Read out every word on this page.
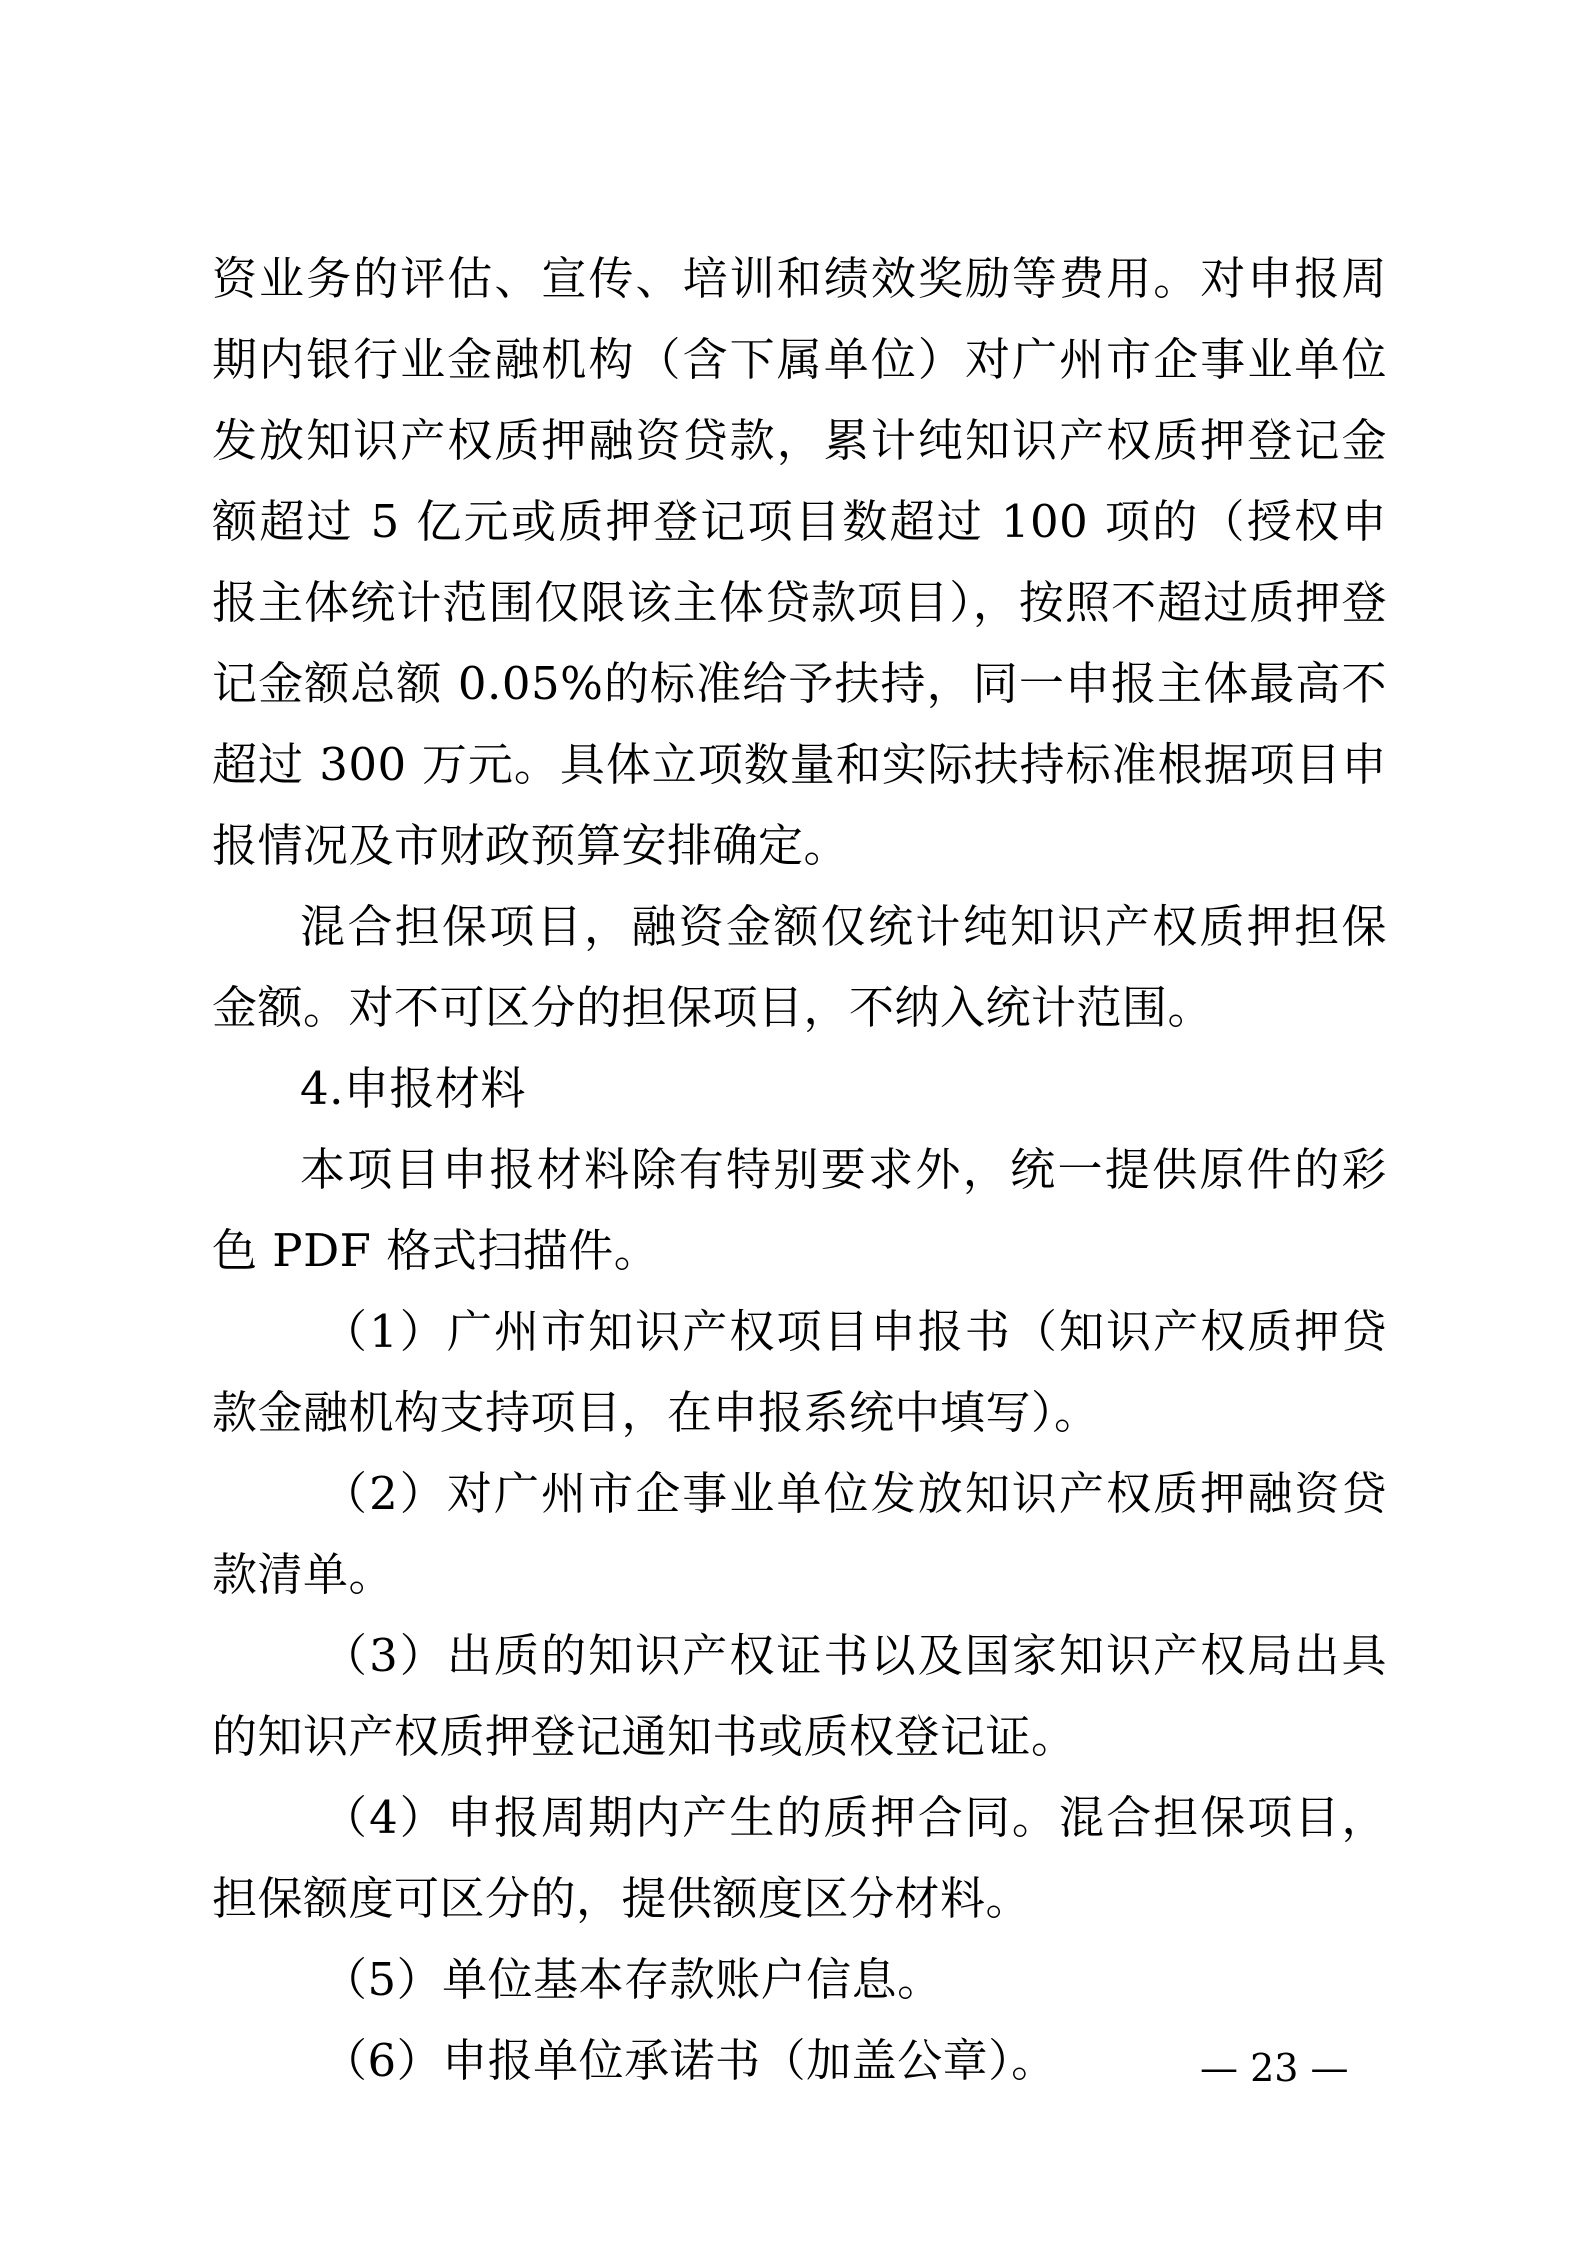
资业务的评估、宣传、培训和绩效奖励等费用。对申报周期内银行业金融机构（含下属单位）对广州市企事业单位发放知识产权质押融资贷款，累计纯知识产权质押登记金额超过 5 亿元或质押登记项目数超过 100 项的（授权申报主体统计范围仅限该主体贷款项目），按照不超过质押登记金额总额 0.05%的标准给予扶持，同一申报主体最高不超过 300 万元。具体立项数量和实际扶持标准根据项目申报情况及市财政预算安排确定。

混合担保项目，融资金额仅统计纯知识产权质押担保金额。对不可区分的担保项目，不纳入统计范围。

4.申报材料

本项目申报材料除有特别要求外，统一提供原件的彩色 PDF 格式扫描件。

（1）广州市知识产权项目申报书（知识产权质押贷款金融机构支持项目，在申报系统中填写）。

（2）对广州市企事业单位发放知识产权质押融资贷款清单。

（3）出质的知识产权证书以及国家知识产权局出具的知识产权质押登记通知书或质权登记证。

（4）申报周期内产生的质押合同。混合担保项目，担保额度可区分的，提供额度区分材料。

（5）单位基本存款账户信息。

（6）申报单位承诺书（加盖公章）。	— 23 —
